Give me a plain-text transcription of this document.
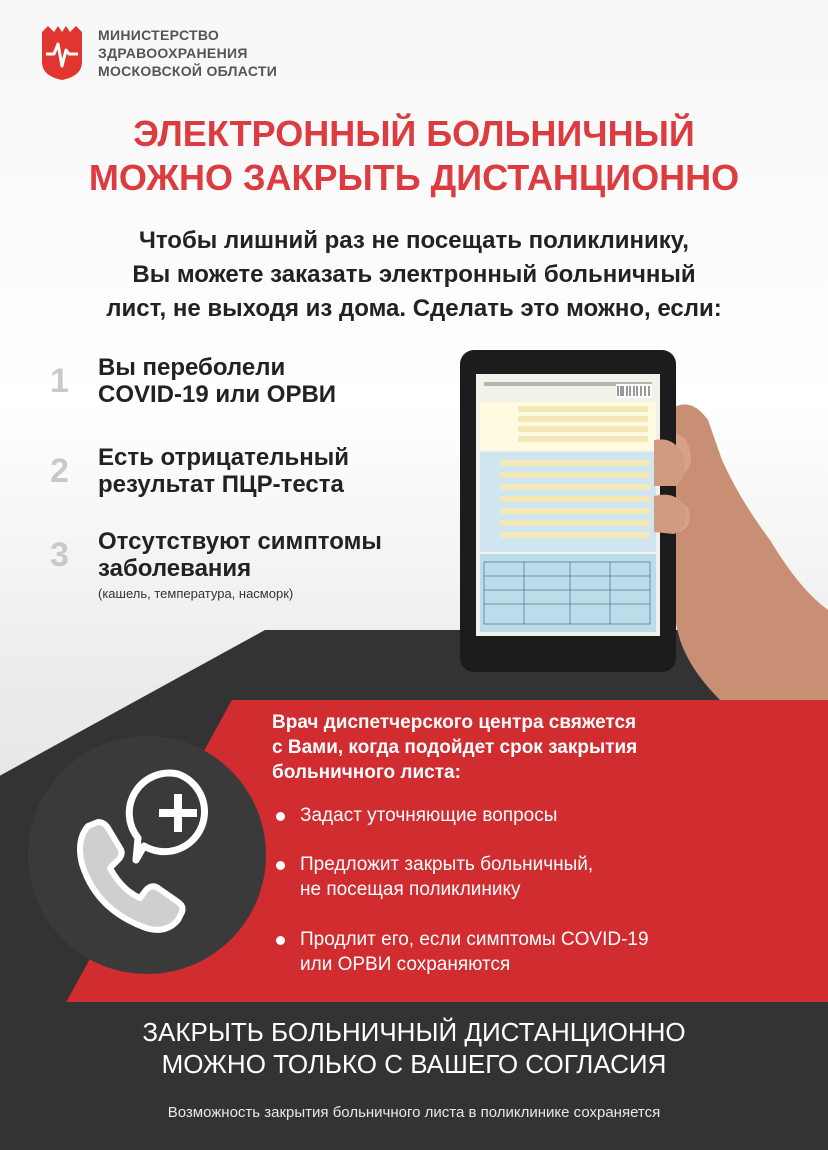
МИНИСТЕРСТВО
ЗДРАВООХРАНЕНИЯ
МОСКОВСКОЙ ОБЛАСТИ
ЭЛЕКТРОННЫЙ БОЛЬНИЧНЫЙ
МОЖНО ЗАКРЫТЬ ДИСТАНЦИОННО
Чтобы лишний раз не посещать поликлинику,
Вы можете заказать электронный больничный
лист, не выходя из дома. Сделать это можно, если:
1 Вы переболели
COVID-19 или ОРВИ
2 Есть отрицательный
результат ПЦР-теста
3 Отсутствуют симптомы
заболевания
(кашель, температура, насморк)
Врач диспетчерского центра свяжется
с Вами, когда подойдет срок закрытия
больничного листа:
Задаст уточняющие вопросы
Предложит закрыть больничный,
не посещая поликлинику
Продлит его, если симптомы COVID-19
или ОРВИ сохраняются
ЗАКРЫТЬ БОЛЬНИЧНЫЙ ДИСТАНЦИОННО
МОЖНО ТОЛЬКО С ВАШЕГО СОГЛАСИЯ
Возможность закрытия больничного листа в поликлинике сохраняется
